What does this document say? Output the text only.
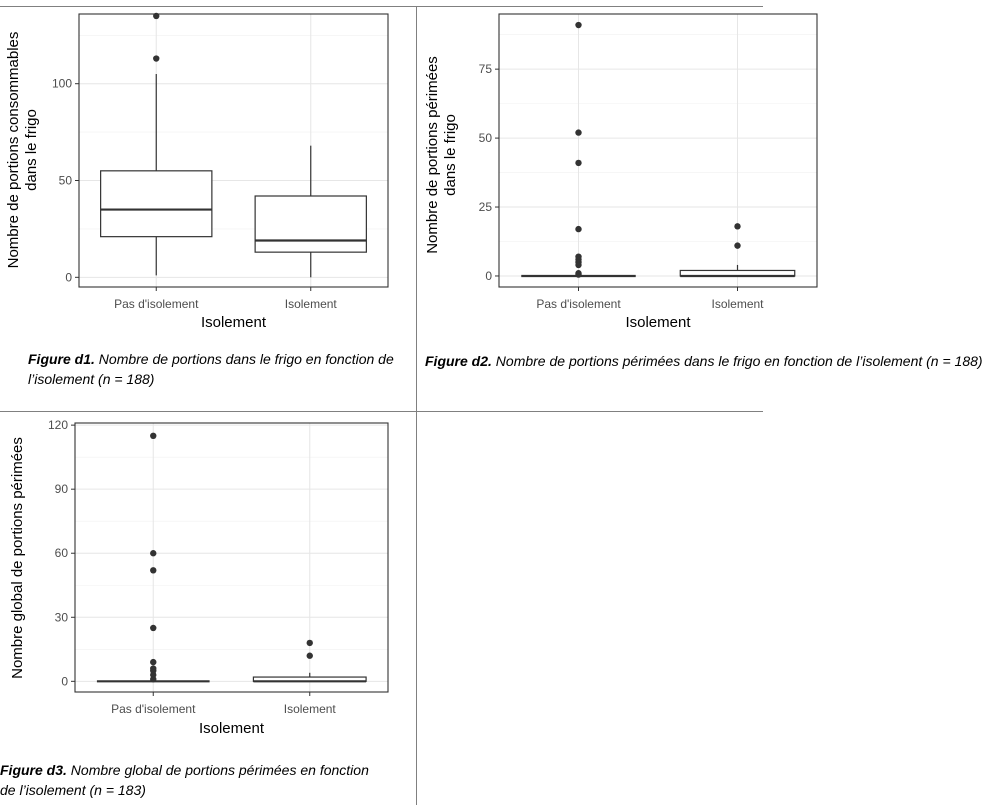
0
50
100
Pas d'isolement	Isolement
Isolement
Nombre de portions consommables dans le frigo
Figure d1. Nombre de portions dans le frigo en fonction de l’isolement (n = 188)
0
25
50
75
Pas d'isolement	Isolement
Isolement
Nombre de portions périmées dans le frigo
Figure d2. Nombre de portions périmées dans le frigo en fonction de l’isolement (n = 188)
0
30
60
90
120
Pas d'isolement	Isolement
Isolement
Nombre global de portions périmées
Figure d3. Nombre global de portions périmées en fonction de l’isolement (n = 183)
